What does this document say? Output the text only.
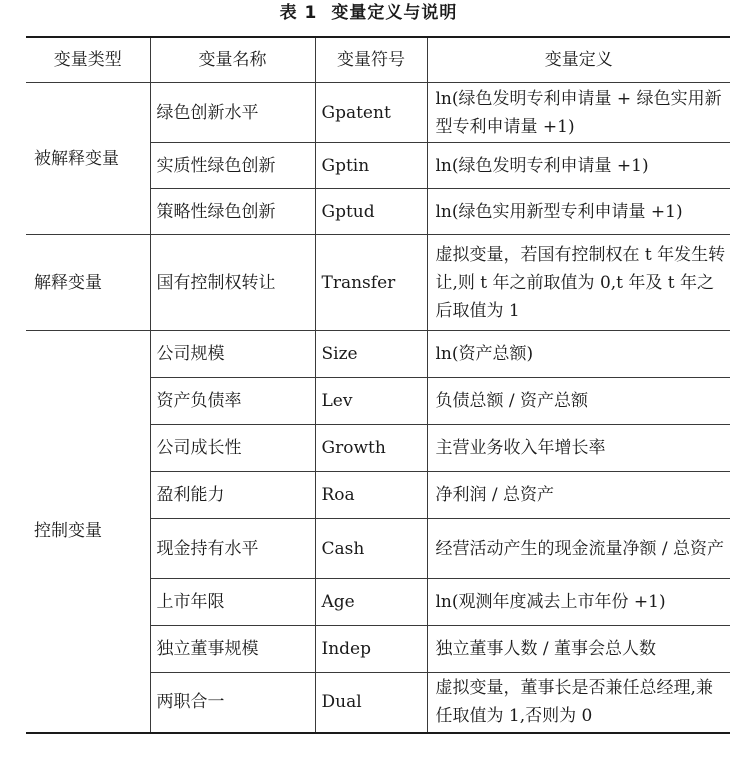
表 1 变量定义与说明
变量类型	变量名称	变量符号	变量定义
被解释变量	绿色创新水平	Gpatent	ln(绿色发明专利申请量 + 绿色实用新型专利申请量 +1)
	实质性绿色创新	Gptin	ln(绿色发明专利申请量 +1)
	策略性绿色创新	Gptud	ln(绿色实用新型专利申请量 +1)
解释变量	国有控制权转让	Transfer	虚拟变量，若国有控制权在 t 年发生转让,则 t 年之前取值为 0,t 年及 t 年之后取值为 1
控制变量	公司规模	Size	ln(资产总额)
	资产负债率	Lev	负债总额 / 资产总额
	公司成长性	Growth	主营业务收入年增长率
	盈利能力	Roa	净利润 / 总资产
	现金持有水平	Cash	经营活动产生的现金流量净额 / 总资产
	上市年限	Age	ln(观测年度减去上市年份 +1)
	独立董事规模	Indep	独立董事人数 / 董事会总人数
	两职合一	Dual	虚拟变量，董事长是否兼任总经理,兼任取值为 1,否则为 0
